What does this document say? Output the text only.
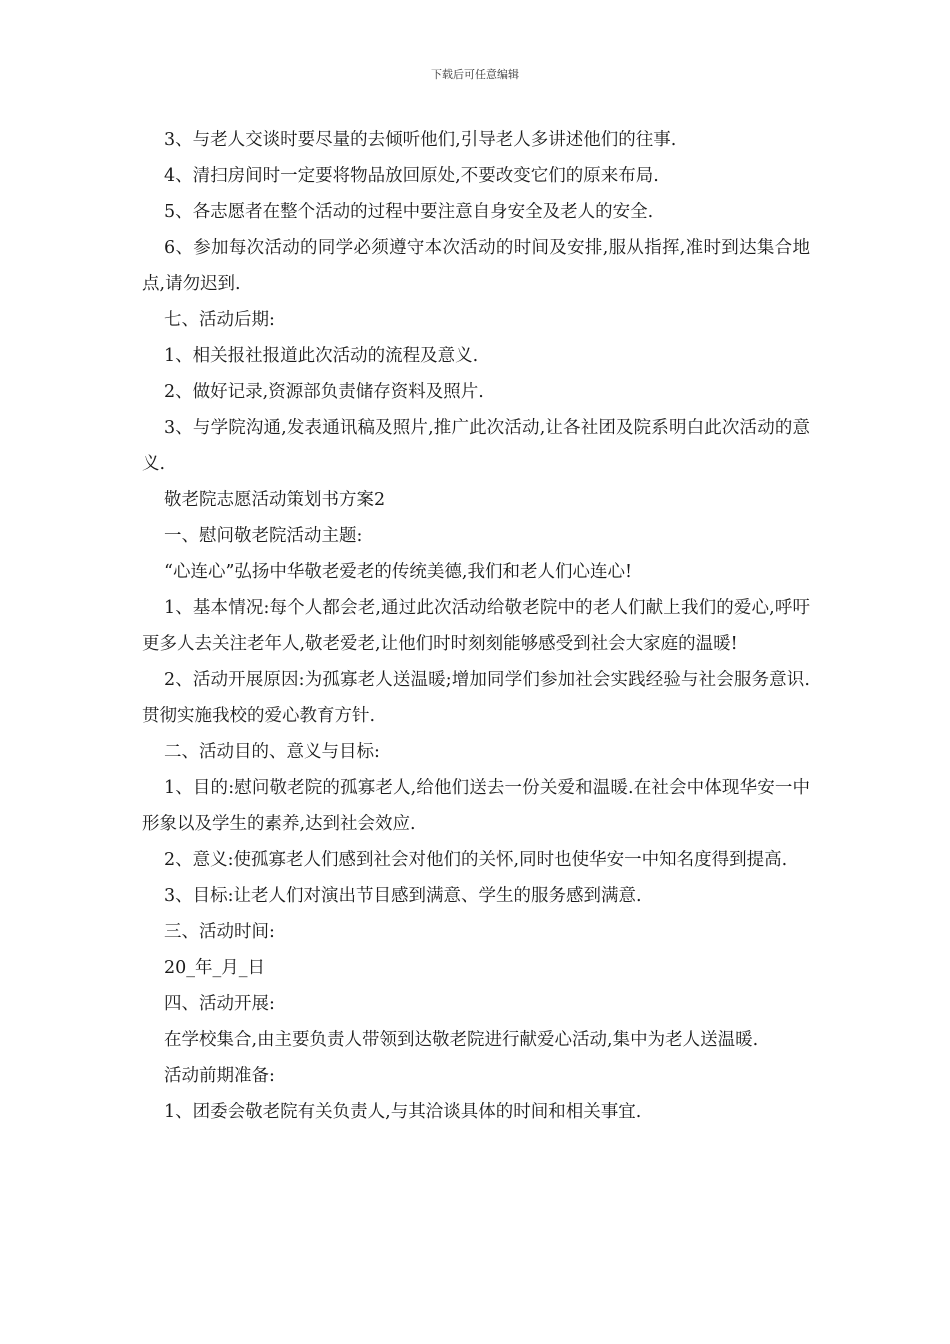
下载后可任意编辑

3、与老人交谈时要尽量的去倾听他们,引导老人多讲述他们的往事.

4、清扫房间时一定要将物品放回原处,不要改变它们的原来布局.

5、各志愿者在整个活动的过程中要注意自身安全及老人的安全.

6、参加每次活动的同学必须遵守本次活动的时间及安排,服从指挥,准时到达集合地点,请勿迟到.

七、活动后期:

1、相关报社报道此次活动的流程及意义.

2、做好记录,资源部负责储存资料及照片.

3、与学院沟通,发表通讯稿及照片,推广此次活动,让各社团及院系明白此次活动的意义.

敬老院志愿活动策划书方案2

一、慰问敬老院活动主题:

“心连心”弘扬中华敬老爱老的传统美德,我们和老人们心连心!

1、基本情况:每个人都会老,通过此次活动给敬老院中的老人们献上我们的爱心,呼吁更多人去关注老年人,敬老爱老,让他们时时刻刻能够感受到社会大家庭的温暖!

2、活动开展原因:为孤寡老人送温暖;增加同学们参加社会实践经验与社会服务意识.贯彻实施我校的爱心教育方针.

二、活动目的、意义与目标:

1、目的:慰问敬老院的孤寡老人,给他们送去一份关爱和温暖.在社会中体现华安一中形象以及学生的素养,达到社会效应.

2、意义:使孤寡老人们感到社会对他们的关怀,同时也使华安一中知名度得到提高.

3、目标:让老人们对演出节目感到满意、学生的服务感到满意.

三、活动时间:

20_年_月_日

四、活动开展:

在学校集合,由主要负责人带领到达敬老院进行献爱心活动,集中为老人送温暖.

活动前期准备:

1、团委会敬老院有关负责人,与其洽谈具体的时间和相关事宜.
